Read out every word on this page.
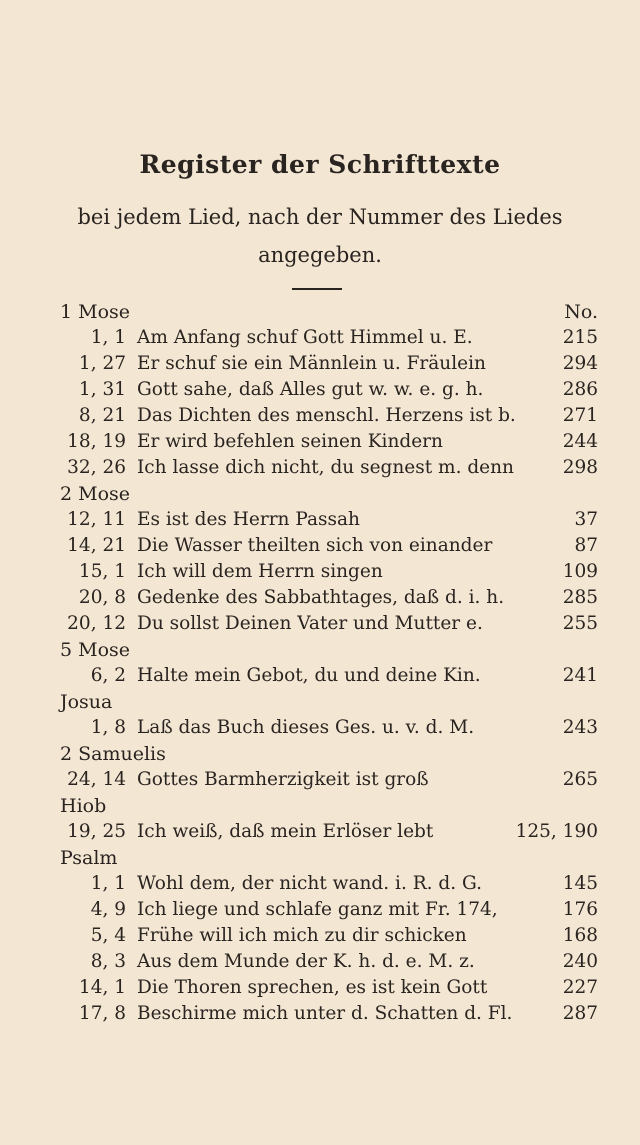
Register der Schrifttexte
bei jedem Lied, nach der Nummer des Liedes angegeben.
1 Mose	No.
1, 1 Am Anfang schuf Gott Himmel u. E.	215
1, 27 Er schuf sie ein Männlein u. Fräulein	294
1, 31 Gott sahe, daß Alles gut w. w. e. g. h.	286
8, 21 Das Dichten des menschl. Herzens ist b.	271
18, 19 Er wird befehlen seinen Kindern	244
32, 26 Ich lasse dich nicht, du segnest m. denn	298
2 Mose
12, 11 Es ist des Herrn Passah	37
14, 21 Die Wasser theilten sich von einander	87
15, 1 Ich will dem Herrn singen	109
20, 8 Gedenke des Sabbathtages, daß d. i. h.	285
20, 12 Du sollst Deinen Vater und Mutter e.	255
5 Mose
6, 2 Halte mein Gebot, du und deine Kin.	241
Josua
1, 8 Laß das Buch dieses Ges. u. v. d. M.	243
2 Samuelis
24, 14 Gottes Barmherzigkeit ist groß	265
Hiob
19, 25 Ich weiß, daß mein Erlöser lebt	125, 190
Psalm
1, 1 Wohl dem, der nicht wand. i. R. d. G.	145
4, 9 Ich liege und schlafe ganz mit Fr. 174,	176
5, 4 Frühe will ich mich zu dir schicken	168
8, 3 Aus dem Munde der K. h. d. e. M. z.	240
14, 1 Die Thoren sprechen, es ist kein Gott	227
17, 8 Beschirme mich unter d. Schatten d. Fl.	287
